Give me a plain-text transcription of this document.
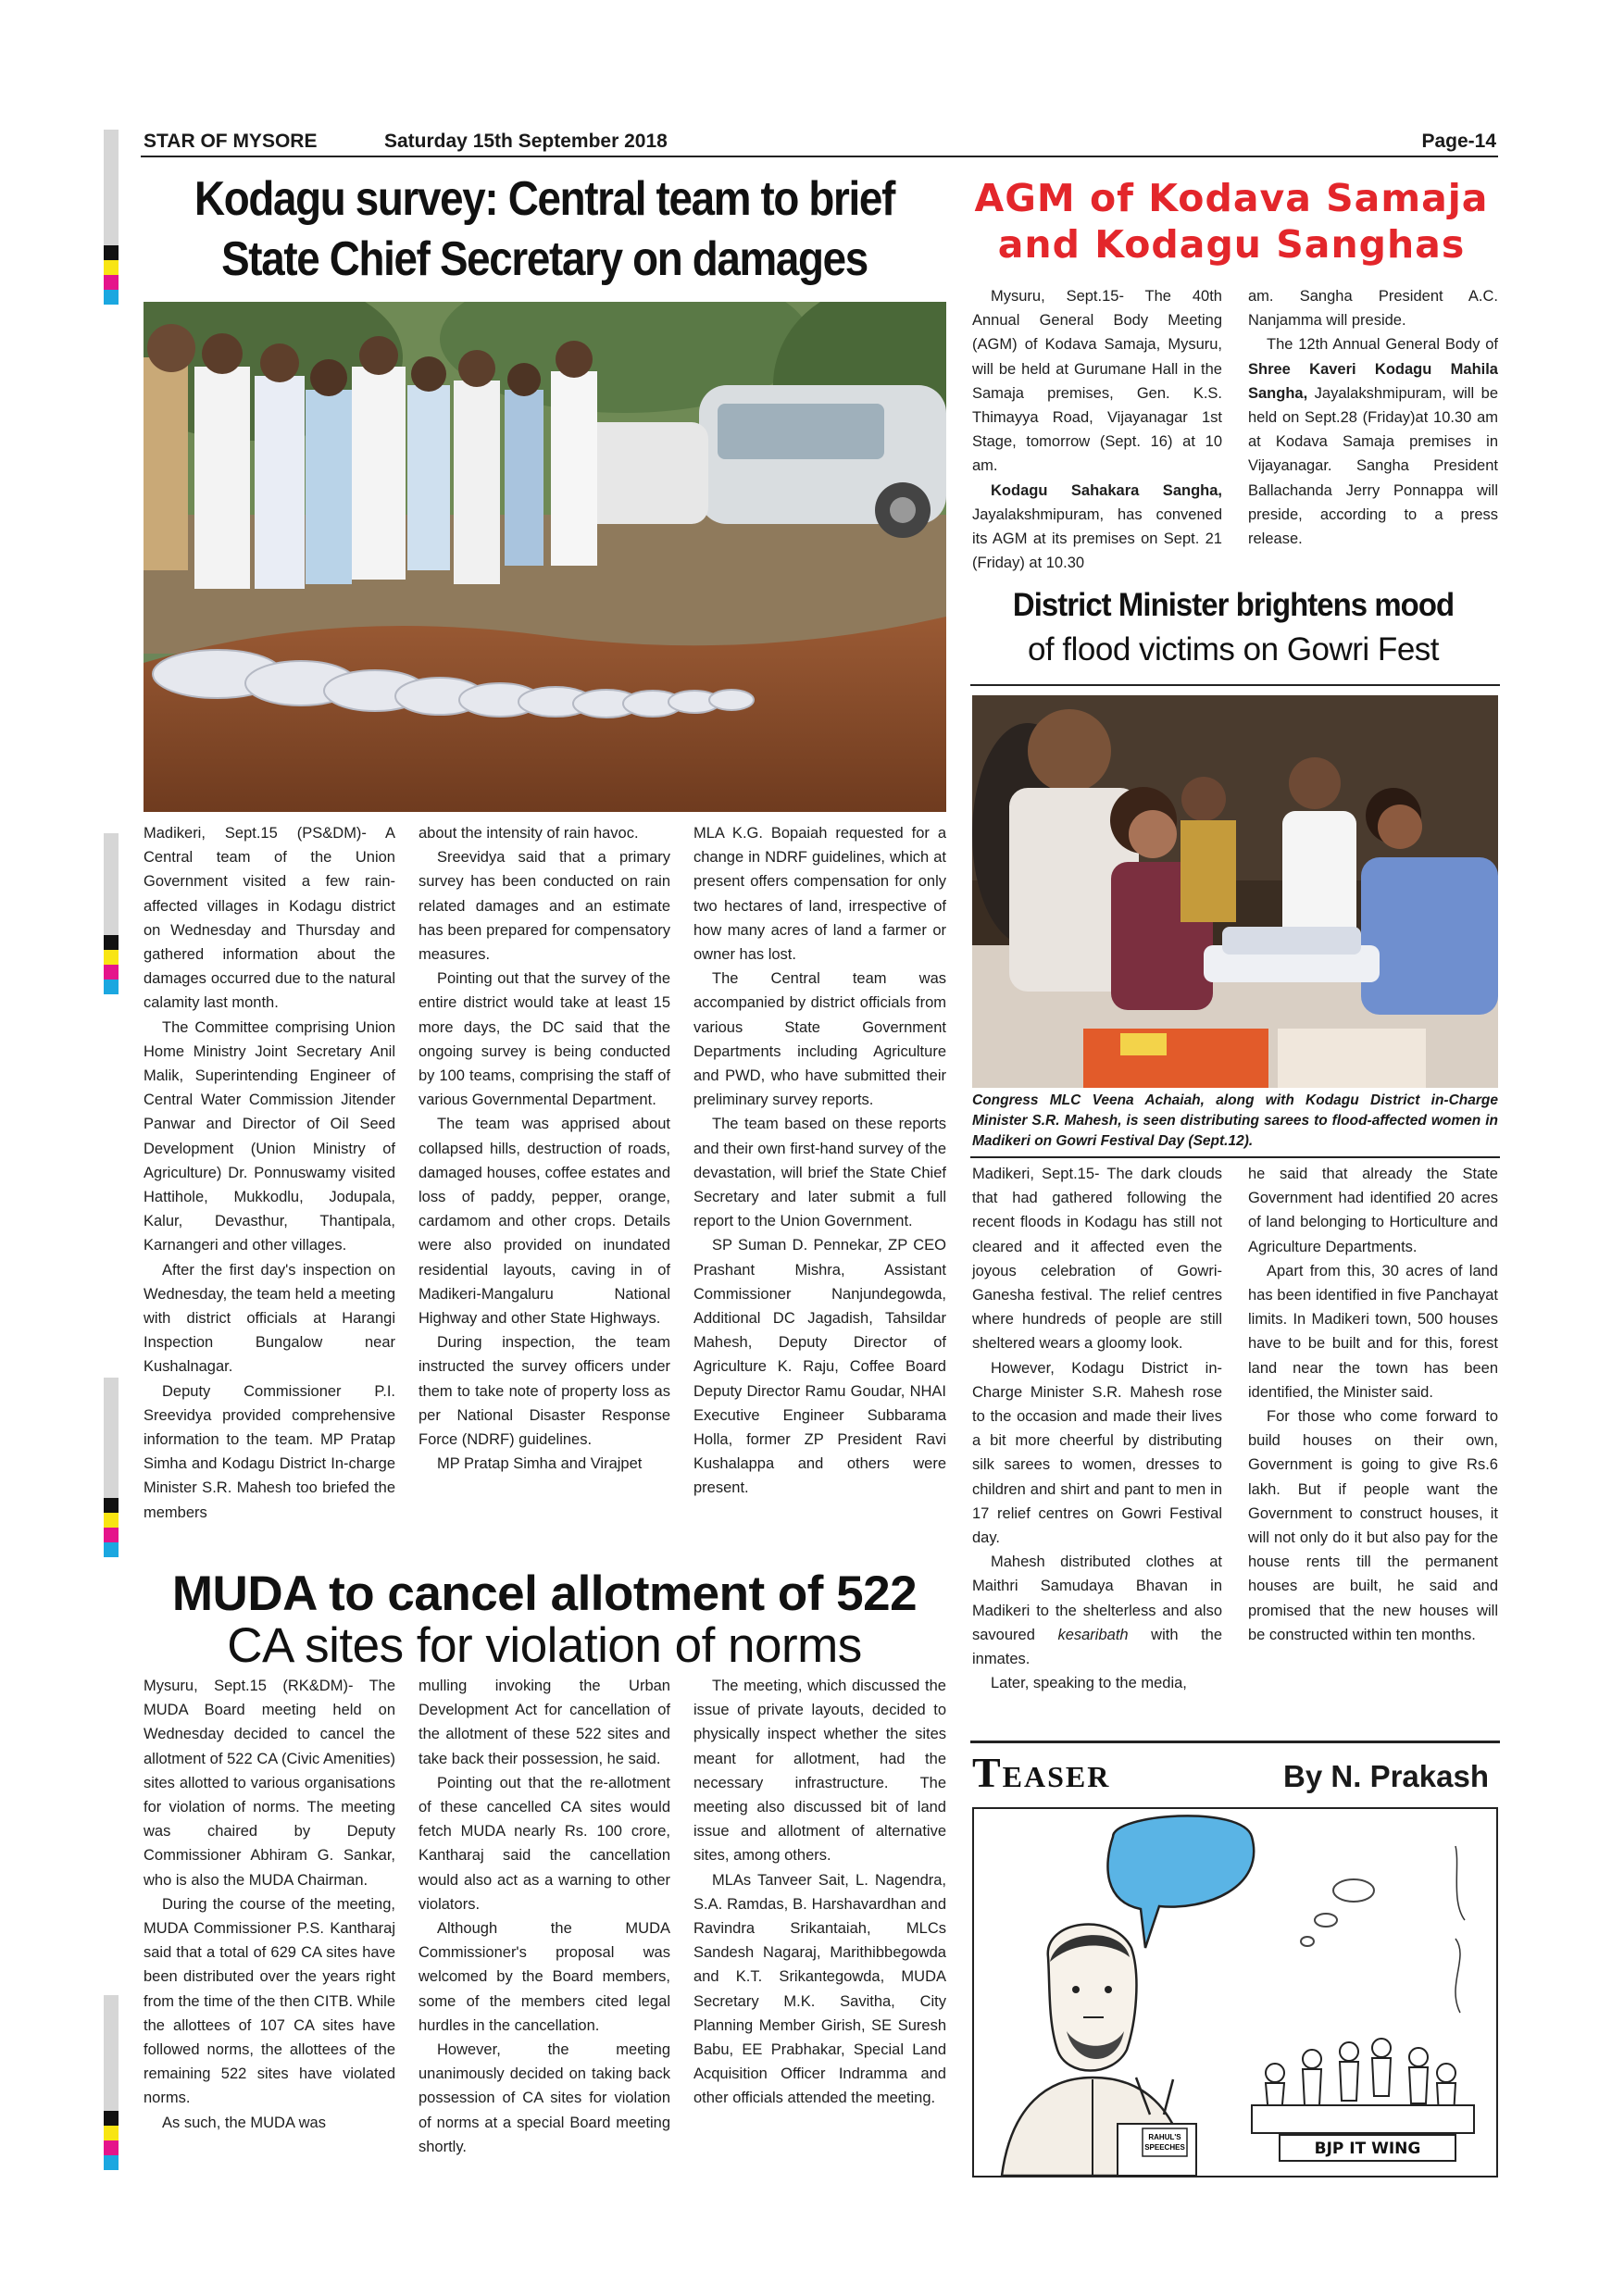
STAR OF MYSORE	Saturday 15th September 2018	Page-14
Kodagu survey: Central team to brief
State Chief Secretary on damages

Madikeri, Sept.15 (PS&DM)- A Central team of the Union Government visited a few rain-affected villages in Kodagu district on Wednesday and Thursday and gathered information about the damages occurred due to the natural calamity last month.

The Committee comprising Union Home Ministry Joint Secretary Anil Malik, Superintending Engineer of Central Water Commission Jitender Panwar and Director of Oil Seed Development (Union Ministry of Agriculture) Dr. Ponnuswamy visited Hattihole, Mukkodlu, Jodupala, Kalur, Devasthur, Thantipala, Karnangeri and other villages.

After the first day's inspection on Wednesday, the team held a meeting with district officials at Harangi Inspection Bungalow near Kushalnagar.

Deputy Commissioner P.I. Sreevidya provided comprehensive information to the team. MP Pratap Simha and Kodagu District In-charge Minister S.R. Mahesh too briefed the members

about the intensity of rain havoc.

Sreevidya said that a primary survey has been conducted on rain related damages and an estimate has been prepared for compensatory measures.

Pointing out that the survey of the entire district would take at least 15 more days, the DC said that the ongoing survey is being conducted by 100 teams, comprising the staff of various Governmental Department.

The team was apprised about collapsed hills, destruction of roads, damaged houses, coffee estates and loss of paddy, pepper, orange, cardamom and other crops. Details were also provided on inundated residential layouts, caving in of Madikeri-Mangaluru National Highway and other State Highways.

During inspection, the team instructed the survey officers under them to take note of property loss as per National Disaster Response Force (NDRF) guidelines.

MP Pratap Simha and Virajpet

MLA K.G. Bopaiah requested for a change in NDRF guidelines, which at present offers compensation for only two hectares of land, irrespective of how many acres of land a farmer or owner has lost.

The Central team was accompanied by district officials from various State Government Departments including Agriculture and PWD, who have submitted their preliminary survey reports.

The team based on these reports and their own first-hand survey of the devastation, will brief the State Chief Secretary and later submit a full report to the Union Government.

SP Suman D. Pennekar, ZP CEO Prashant Mishra, Assistant Commissioner Nanjundegowda, Additional DC Jagadish, Tahsildar Mahesh, Deputy Director of Agriculture K. Raju, Coffee Board Deputy Director Ramu Goudar, NHAI Executive Engineer Subbarama Holla, former ZP President Ravi Kushalappa and others were present.

AGM of Kodava Samaja
and Kodagu Sanghas

Mysuru, Sept.15- The 40th Annual General Body Meeting (AGM) of Kodava Samaja, Mysuru, will be held at Gurumane Hall in the Samaja premises, Gen. K.S. Thimayya Road, Vijayanagar 1st Stage, tomorrow (Sept. 16) at 10 am.

Kodagu Sahakara Sangha, Jayalakshmipuram, has convened its AGM at its premises on Sept. 21 (Friday) at 10.30

am. Sangha President A.C. Nanjamma will preside.

The 12th Annual General Body of Shree Kaveri Kodagu Mahila Sangha, Jayalakshmipuram, will be held on Sept.28 (Friday)at 10.30 am at Kodava Samaja premises in Vijayanagar. Sangha President Ballachanda Jerry Ponnappa will preside, according to a press release.

District Minister brightens mood
of flood victims on Gowri Fest
Congress MLC Veena Achaiah, along with Kodagu District in-Charge Minister S.R. Mahesh, is seen distributing sarees to flood-affected women in Madikeri on Gowri Festival Day (Sept.12).

Madikeri, Sept.15- The dark clouds that had gathered following the recent floods in Kodagu has still not cleared and it affected even the joyous celebration of Gowri-Ganesha festival. The relief centres where hundreds of people are still sheltered wears a gloomy look.

However, Kodagu District in-Charge Minister S.R. Mahesh rose to the occasion and made their lives a bit more cheerful by distributing silk sarees to women, dresses to children and shirt and pant to men in 17 relief centres on Gowri Festival day.

Mahesh distributed clothes at Maithri Samudaya Bhavan in Madikeri to the shelterless and also savoured kesaribath with the inmates.

Later, speaking to the media,

he said that already the State Government had identified 20 acres of land belonging to Horticulture and Agriculture Departments.

Apart from this, 30 acres of land has been identified in five Panchayat limits. In Madikeri town, 500 houses have to be built and for this, forest land near the town has been identified, the Minister said.

For those who come forward to build houses on their own, Government is going to give Rs.6 lakh. But if people want the Government to construct houses, it will not only do it but also pay for the house rents till the permanent houses are built, he said and promised that the new houses will be constructed within ten months.

MUDA to cancel allotment of 522
CA sites for violation of norms

Mysuru, Sept.15 (RK&DM)- The MUDA Board meeting held on Wednesday decided to cancel the allotment of 522 CA (Civic Amenities) sites allotted to various organisations for violation of norms. The meeting was chaired by Deputy Commissioner Abhiram G. Sankar, who is also the MUDA Chairman.

During the course of the meeting, MUDA Commissioner P.S. Kantharaj said that a total of 629 CA sites have been distributed over the years right from the time of the then CITB. While the allottees of 107 CA sites have followed norms, the allottees of the remaining 522 sites have violated norms.

As such, the MUDA was

mulling invoking the Urban Development Act for cancellation of the allotment of these 522 sites and take back their possession, he said.

Pointing out that the re-allotment of these cancelled CA sites would fetch MUDA nearly Rs. 100 crore, Kantharaj said the cancellation would also act as a warning to other violators.

Although the MUDA Commissioner's proposal was welcomed by the Board members, some of the members cited legal hurdles in the cancellation.

However, the meeting unanimously decided on taking back possession of CA sites for violation of norms at a special Board meeting shortly.

The meeting, which discussed the issue of private layouts, decided to physically inspect whether the sites meant for allotment, had the necessary infrastructure. The meeting also discussed bit of land issue and allotment of alternative sites, among others.

MLAs Tanveer Sait, L. Nagendra, S.A. Ramdas, B. Harshavardhan and Ravindra Srikantaiah, MLCs Sandesh Nagaraj, Marithibbegowda and K.T. Srikantegowda, MUDA Secretary M.K. Savitha, City Planning Member Girish, SE Suresh Babu, EE Prabhakar, Special Land Acquisition Officer Indramma and other officials attended the meeting.

Teaser	By N. Prakash
RAHUL'S
SPEECHES	BJP IT WING
